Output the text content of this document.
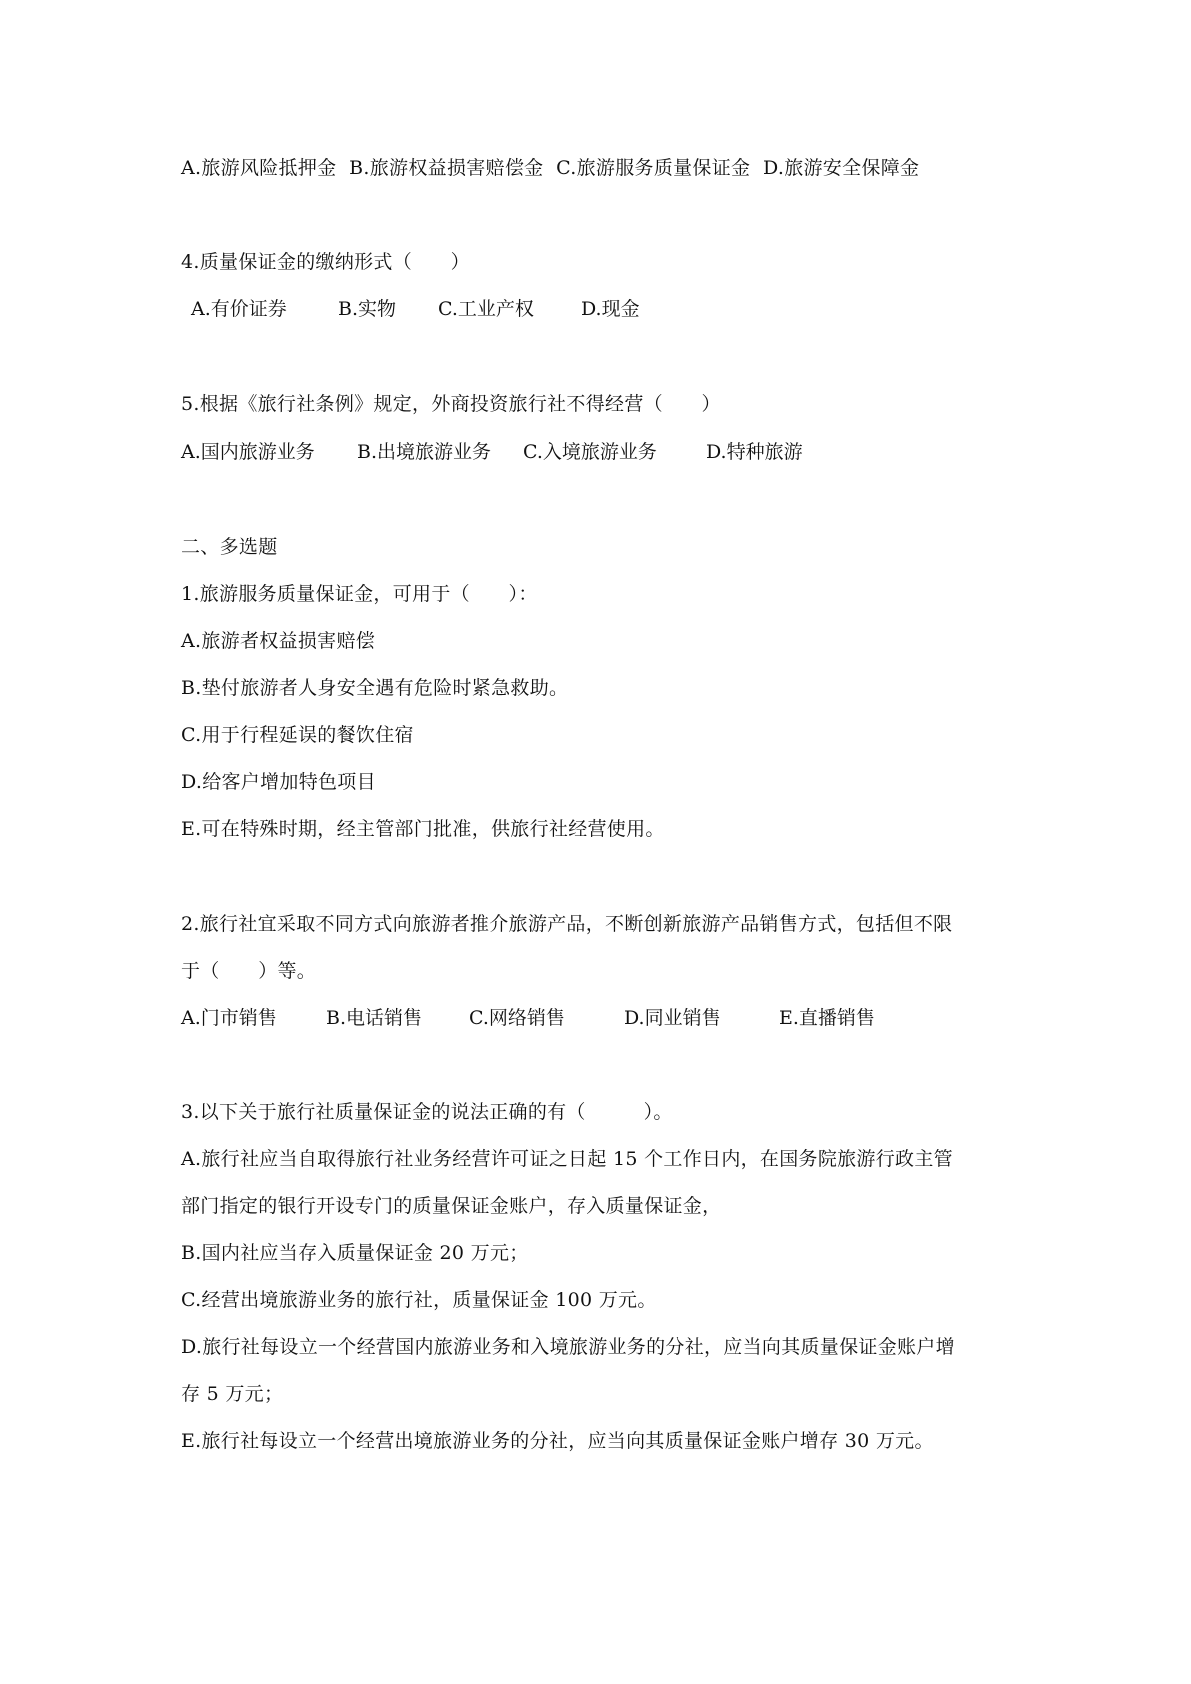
A.旅游风险抵押金  B.旅游权益损害赔偿金  C.旅游服务质量保证金  D.旅游安全保障金
4.质量保证金的缴纳形式（　　）

A.有价证券

	B.实物

C.工业产权

D.现金

5.根据《旅行社条例》规定，外商投资旅行社不得经营（　　）

A.国内旅游业务

B.出境旅游业务

C.入境旅游业务

	D.特种旅游

二、多选题
1.旅游服务质量保证金，可用于（　　）：
A.旅游者权益损害赔偿
B.垫付旅游者人身安全遇有危险时紧急救助。
C.用于行程延误的餐饮住宿
D.给客户增加特色项目
E.可在特殊时期，经主管部门批准，供旅行社经营使用。
2.旅行社宜采取不同方式向旅游者推介旅游产品，不断创新旅游产品销售方式，包括但不限
于（　　）等。

A.门市销售

	B.电话销售

C.网络销售

	D.同业销售

	E.直播销售

3.以下关于旅行社质量保证金的说法正确的有（　　　）。
A.旅行社应当自取得旅行社业务经营许可证之日起 15 个工作日内，在国务院旅游行政主管
部门指定的银行开设专门的质量保证金账户，存入质量保证金，
B.国内社应当存入质量保证金 20 万元；
C.经营出境旅游业务的旅行社，质量保证金 100 万元。
D.旅行社每设立一个经营国内旅游业务和入境旅游业务的分社，应当向其质量保证金账户增
存 5 万元；
E.旅行社每设立一个经营出境旅游业务的分社，应当向其质量保证金账户增存 30 万元。
